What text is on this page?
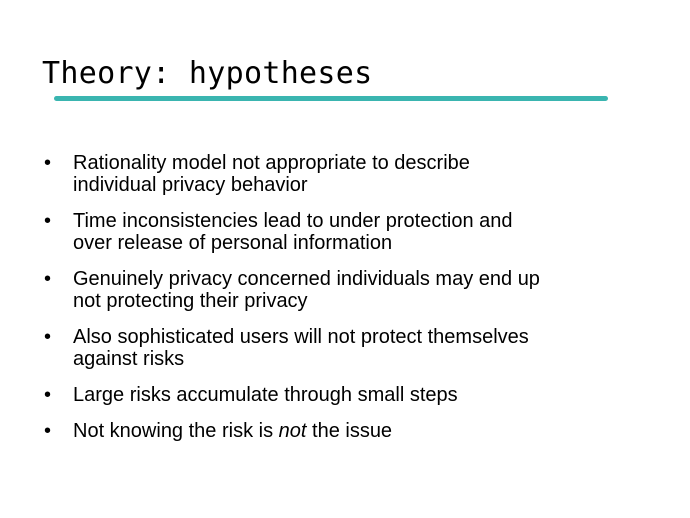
Theory: hypotheses
•	Rationality model not appropriate to describe
individual privacy behavior
•	Time inconsistencies lead to under protection and
over release of personal information
•	Genuinely privacy concerned individuals may end up
not protecting their privacy
•	Also sophisticated users will not protect themselves
against risks
•	Large risks accumulate through small steps
•	Not knowing the risk is not the issue
